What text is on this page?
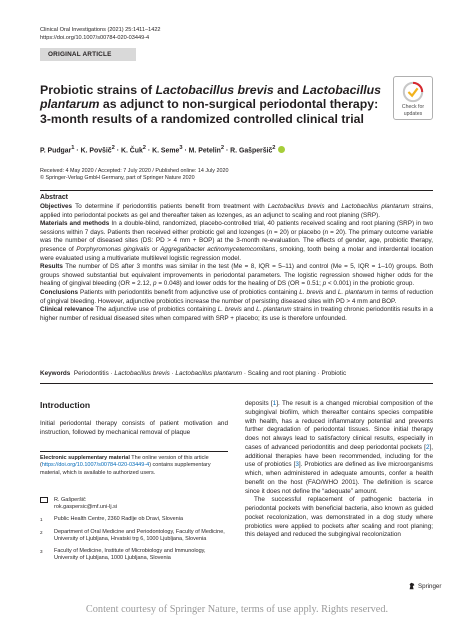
Clinical Oral Investigations (2021) 25:1411–1422
https://doi.org/10.1007/s00784-020-03449-4
ORIGINAL ARTICLE
Check for
updates
Probiotic strains of Lactobacillus brevis and Lactobacillus plantarum as adjunct to non-surgical periodontal therapy: 3-month results of a randomized controlled clinical trial
P. Pudgar$^1$ · K. Povšič$^2$ · K. Čuk$^2$ · K. Seme$^3$ · M. Petelin$^2$ · R. Gašperšič$^2$
Received: 4 May 2020 / Accepted: 7 July 2020 / Published online: 14 July 2020
© Springer-Verlag GmbH Germany, part of Springer Nature 2020
Abstract

Objectives To determine if periodontitis patients benefit from treatment with Lactobacillus brevis and Lactobacillus plantarum strains, applied into periodontal pockets as gel and thereafter taken as lozenges, as an adjunct to scaling and root planing (SRP).

Materials and methods In a double-blind, randomized, placebo-controlled trial, 40 patients received scaling and root planing (SRP) in two sessions within 7 days. Patients then received either probiotic gel and lozenges (n = 20) or placebo (n = 20). The primary outcome variable was the number of diseased sites (DS: PD > 4 mm + BOP) at the 3-month re-evaluation. The effects of gender, age, probiotic therapy, presence of Porphyromonas gingivalis or Aggregatibacter actinomycetemcomitans, smoking, tooth being a molar and interdental location were evaluated using a multivariate multilevel logistic regression model.

Results The number of DS after 3 months was similar in the test (Me = 8, IQR = 5–11) and control (Me = 5, IQR = 1–10) groups. Both groups showed substantial but equivalent improvements in periodontal parameters. The logistic regression showed higher odds for the healing of gingival bleeding (OR = 2.12, p = 0.048) and lower odds for the healing of DS (OR = 0.51; p < 0.001) in the probiotic group.

Conclusions Patients with periodontitis benefit from adjunctive use of probiotics containing L. brevis and L. plantarum in terms of reduction of gingival bleeding. However, adjunctive probiotics increase the number of persisting diseased sites with PD > 4 mm and BOP.

Clinical relevance The adjunctive use of probiotics containing L. brevis and L. plantarum strains in treating chronic periodontitis results in a higher number of residual diseased sites when compared with SRP + placebo; its use is therefore unfounded.

Keywords Periodontitis · Lactobacillus brevis · Lactobacillus plantarum · Scaling and root planing · Probiotic
Introduction
Initial periodontal therapy consists of patient motivation and instruction, followed by mechanical removal of plaque
Electronic supplementary material The online version of this article (https://doi.org/10.1007/s00784-020-03449-4) contains supplementary material, which is available to authorized users.
R. Gašperšič
rok.gaspersic@mf.uni-lj.si
1	Public Health Centre, 2360 Radlje ob Dravi, Slovenia
2	Department of Oral Medicine and Periodontology, Faculty of Medicine, University of Ljubljana, Hrvatski trg 6, 1000 Ljubljana, Slovenia
3	Faculty of Medicine, Institute of Microbiology and Immunology, University of Ljubljana, 1000 Ljubljana, Slovenia

deposits [1]. The result is a changed microbial composition of the subgingival biofilm, which thereafter contains species compatible with health, has a reduced inflammatory potential and prevents further degradation of periodontal tissues. Since initial therapy does not always lead to satisfactory clinical results, especially in cases of advanced periodontitis and deep periodontal pockets [2], additional therapies have been recommended, including for the use of probiotics [3]. Probiotics are defined as live microorganisms which, when administered in adequate amounts, confer a health benefit on the host (FAO/WHO 2001). The definition is scarce since it does not define the “adequate” amount.

The successful replacement of pathogenic bacteria in periodontal pockets with beneficial bacteria, also known as guided pocket recolonization, was demonstrated in a dog study where probiotics were applied to pockets after scaling and root planing; this delayed and reduced the subgingival recolonization

Springer
Content courtesy of Springer Nature, terms of use apply. Rights reserved.
